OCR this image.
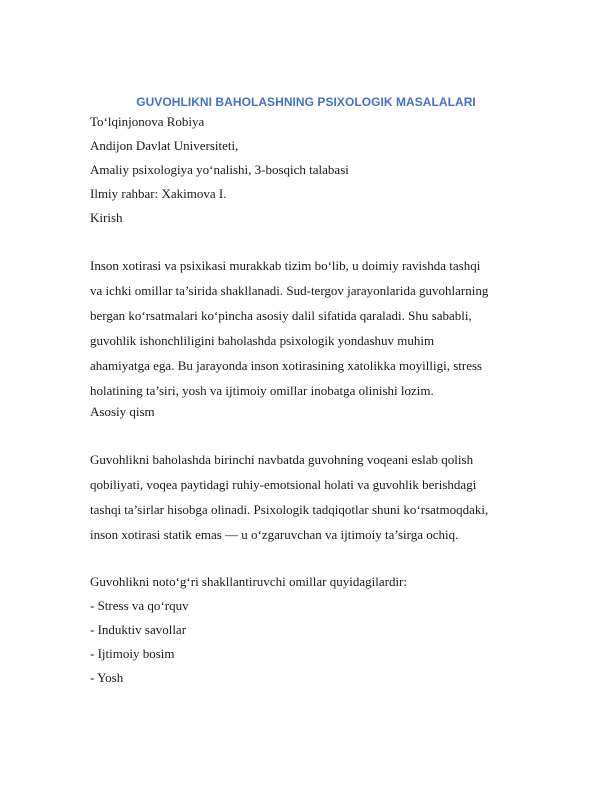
GUVOHLIKNI BAHOLASHNING PSIXOLOGIK MASALALARI
To‘lqinjonova Robiya
Andijon Davlat Universiteti,
Amaliy psixologiya yo‘nalishi, 3-bosqich talabasi
Ilmiy rahbar: Xakimova I.
Kirish
Inson xotirasi va psixikasi murakkab tizim bo‘lib, u doimiy ravishda tashqi
va ichki omillar ta’sirida shakllanadi. Sud-tergov jarayonlarida guvohlarning
bergan ko‘rsatmalari ko‘pincha asosiy dalil sifatida qaraladi. Shu sababli,
guvohlik ishonchliligini baholashda psixologik yondashuv muhim
ahamiyatga ega. Bu jarayonda inson xotirasining xatolikka moyilligi, stress
holatining ta’siri, yosh va ijtimoiy omillar inobatga olinishi lozim.
Asosiy qism
Guvohlikni baholashda birinchi navbatda guvohning voqeani eslab qolish
qobiliyati, voqea paytidagi ruhiy-emotsional holati va guvohlik berishdagi
tashqi ta’sirlar hisobga olinadi. Psixologik tadqiqotlar shuni ko‘rsatmoqdaki,
inson xotirasi statik emas — u o‘zgaruvchan va ijtimoiy ta’sirga ochiq.
Guvohlikni noto‘g‘ri shakllantiruvchi omillar quyidagilardir:
- Stress va qo‘rquv
- Induktiv savollar
- Ijtimoiy bosim
- Yosh
